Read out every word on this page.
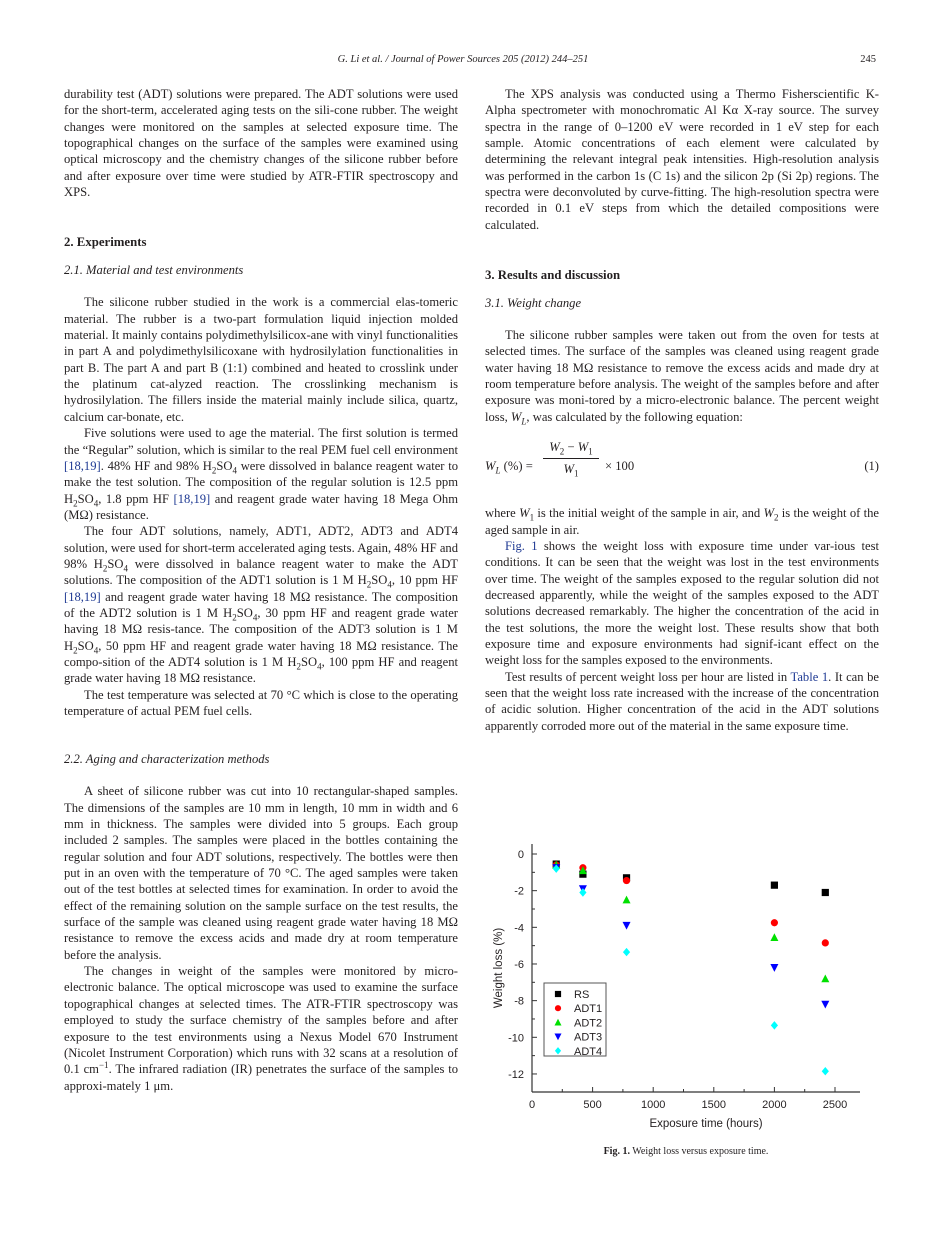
G. Li et al. / Journal of Power Sources 205 (2012) 244–251	245

durability test (ADT) solutions were prepared. The ADT solutions were used for the short-term, accelerated aging tests on the sili-cone rubber. The weight changes were monitored on the samples at selected exposure time. The topographical changes on the surface of the samples were examined using optical microscopy and the chemistry changes of the silicone rubber before and after exposure over time were studied by ATR-FTIR spectroscopy and XPS.

2. Experiments
2.1. Material and test environments

The silicone rubber studied in the work is a commercial elas-tomeric material. The rubber is a two-part formulation liquid injection molded material. It mainly contains polydimethylsilicox-ane with vinyl functionalities in part A and polydimethylsilicoxane with hydrosilylation functionalities in part B. The part A and part B (1:1) combined and heated to crosslink under the platinum cat-alyzed reaction. The crosslinking mechanism is hydrosilylation. The fillers inside the material mainly include silica, quartz, calcium car-bonate, etc.

Five solutions were used to age the material. The first solution is termed the “Regular” solution, which is similar to the real PEM fuel cell environment [18,19]. 48% HF and 98% $H_2SO_4$ were dissolved in balance reagent water to make the test solution. The composition of the regular solution is 12.5 ppm $H_2SO_4$, 1.8 ppm HF [18,19] and reagent grade water having 18 Mega Ohm (MΩ) resistance.

The four ADT solutions, namely, ADT1, ADT2, ADT3 and ADT4 solution, were used for short-term accelerated aging tests. Again, 48% HF and 98% $H_2SO_4$ were dissolved in balance reagent water to make the ADT solutions. The composition of the ADT1 solution is 1 M $H_2SO_4$, 10 ppm HF [18,19] and reagent grade water having 18 MΩ resistance. The composition of the ADT2 solution is 1 M $H_2SO_4$, 30 ppm HF and reagent grade water having 18 MΩ resis-tance. The composition of the ADT3 solution is 1 M $H_2SO_4$, 50 ppm HF and reagent grade water having 18 MΩ resistance. The compo-sition of the ADT4 solution is 1 M $H_2SO_4$, 100 ppm HF and reagent grade water having 18 MΩ resistance.

The test temperature was selected at 70 °C which is close to the operating temperature of actual PEM fuel cells.

2.2. Aging and characterization methods

A sheet of silicone rubber was cut into 10 rectangular-shaped samples. The dimensions of the samples are 10 mm in length, 10 mm in width and 6 mm in thickness. The samples were divided into 5 groups. Each group included 2 samples. The samples were placed in the bottles containing the regular solution and four ADT solutions, respectively. The bottles were then put in an oven with the temperature of 70 °C. The aged samples were taken out of the test bottles at selected times for examination. In order to avoid the effect of the remaining solution on the sample surface on the test results, the surface of the sample was cleaned using reagent grade water having 18 MΩ resistance to remove the excess acids and made dry at room temperature before the analysis.

The changes in weight of the samples were monitored by micro-electronic balance. The optical microscope was used to examine the surface topographical changes at selected times. The ATR-FTIR spectroscopy was employed to study the surface chemistry of the samples before and after exposure to the test environments using a Nexus Model 670 Instrument (Nicolet Instrument Corporation) which runs with 32 scans at a resolution of 0.1 $cm^{-1}$. The infrared radiation (IR) penetrates the surface of the samples to approxi-mately 1 μm.

The XPS analysis was conducted using a Thermo Fisherscientific K-Alpha spectrometer with monochromatic Al Kα X-ray source. The survey spectra in the range of 0–1200 eV were recorded in 1 eV step for each sample. Atomic concentrations of each element were calculated by determining the relevant integral peak intensities. High-resolution analysis was performed in the carbon 1s (C 1s) and the silicon 2p (Si 2p) regions. The spectra were deconvoluted by curve-fitting. The high-resolution spectra were recorded in 0.1 eV steps from which the detailed compositions were calculated.

3. Results and discussion
3.1. Weight change

The silicone rubber samples were taken out from the oven for tests at selected times. The surface of the samples was cleaned using reagent grade water having 18 MΩ resistance to remove the excess acids and made dry at room temperature before analysis. The weight of the samples before and after exposure was moni-tored by a micro-electronic balance. The percent weight loss, $W_L$, was calculated by the following equation:

$W_L$ (%) = $\frac{W_2 - W_1}{W_1} \times 100$	(1)

where $W_1$ is the initial weight of the sample in air, and $W_2$ is the weight of the aged sample in air.

Fig. 1 shows the weight loss with exposure time under var-ious test conditions. It can be seen that the weight was lost in the test environments over time. The weight of the samples exposed to the regular solution did not decreased apparently, while the weight of the samples exposed to the ADT solutions decreased remarkably. The higher the concentration of the acid in the test solutions, the more the weight lost. These results show that both exposure time and exposure environments had signif-icant effect on the weight loss for the samples exposed to the environments.

Test results of percent weight loss per hour are listed in Table 1. It can be seen that the weight loss rate increased with the increase of the concentration of acidic solution. Higher concentration of the acid in the ADT solutions apparently corroded more out of the material in the same exposure time.

0
-2
-4
-6
-8
-10
-12
0	500	1000	1500	2000	2500
Exposure time (hours)
Weight loss (%)	RS
ADT1
ADT2
ADT3
ADT4
Fig. 1. Weight loss versus exposure time.
